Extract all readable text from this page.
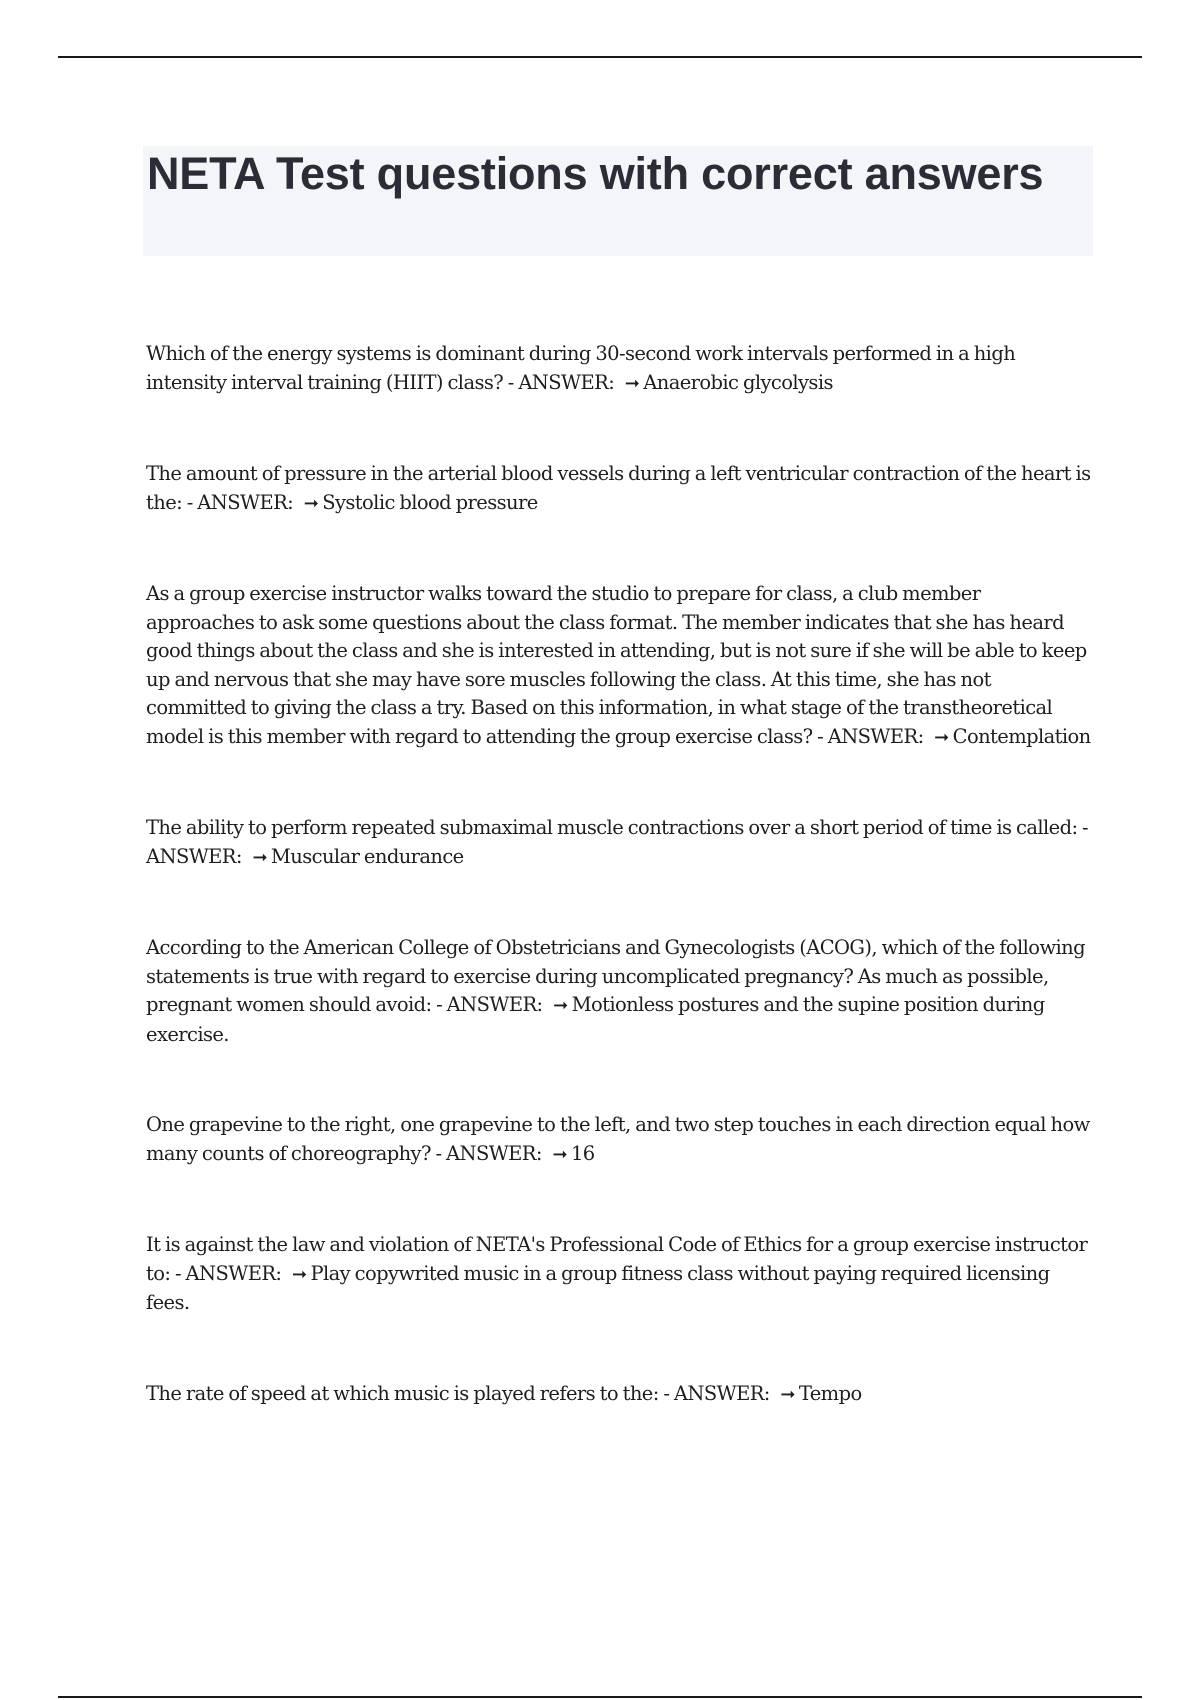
NETA Test questions with correct answers
Which of the energy systems is dominant during 30-second work intervals performed in a high intensity interval training (HIIT) class? - ANSWER: ➞ Anaerobic glycolysis
The amount of pressure in the arterial blood vessels during a left ventricular contraction of the heart is the: - ANSWER: ➞ Systolic blood pressure
As a group exercise instructor walks toward the studio to prepare for class, a club member approaches to ask some questions about the class format. The member indicates that she has heard good things about the class and she is interested in attending, but is not sure if she will be able to keep up and nervous that she may have sore muscles following the class. At this time, she has not committed to giving the class a try. Based on this information, in what stage of the transtheoretical model is this member with regard to attending the group exercise class? - ANSWER: ➞ Contemplation
The ability to perform repeated submaximal muscle contractions over a short period of time is called: - ANSWER: ➞ Muscular endurance
According to the American College of Obstetricians and Gynecologists (ACOG), which of the following statements is true with regard to exercise during uncomplicated pregnancy? As much as possible, pregnant women should avoid: - ANSWER: ➞ Motionless postures and the supine position during exercise.
One grapevine to the right, one grapevine to the left, and two step touches in each direction equal how many counts of choreography? - ANSWER: ➞ 16
It is against the law and violation of NETA's Professional Code of Ethics for a group exercise instructor to: - ANSWER: ➞ Play copywrited music in a group fitness class without paying required licensing fees.
The rate of speed at which music is played refers to the: - ANSWER: ➞ Tempo
